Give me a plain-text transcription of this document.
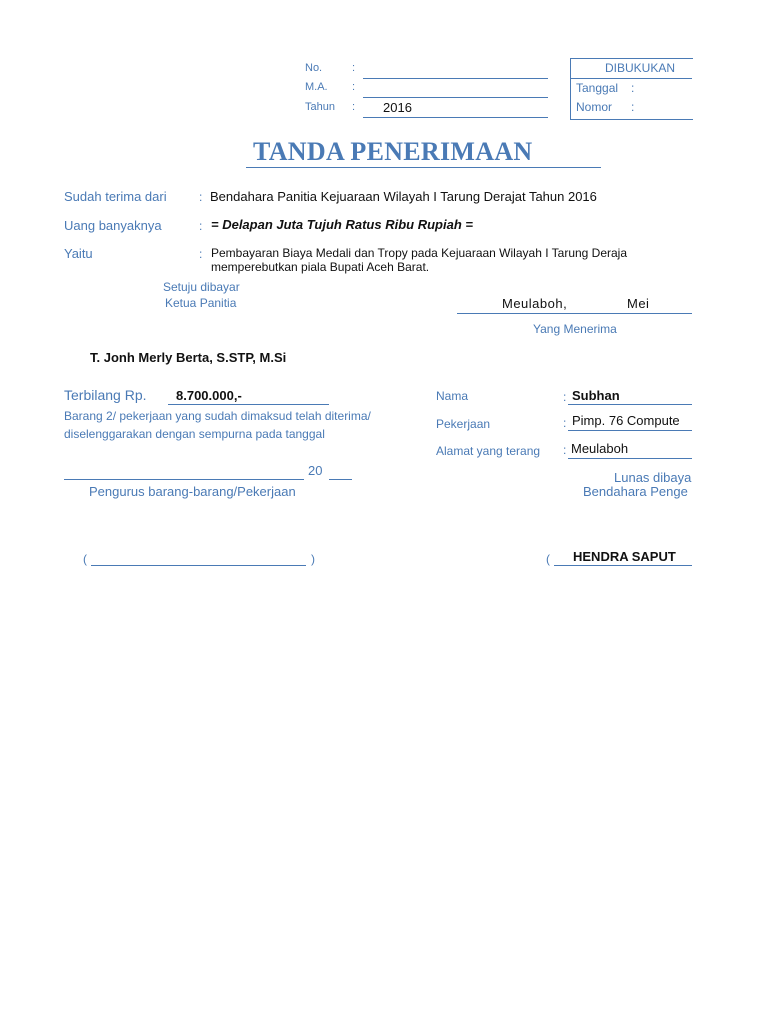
No.	:
M.A. :
Tahun : 2016
DIBUKUKAN
Tanggal :
Nomor :
TANDA PENERIMAAN
Sudah terima dari	: Bendahara Panitia Kejuaraan Wilayah I Tarung Derajat Tahun 2016
Uang banyaknya	: = Delapan Juta Tujuh Ratus Ribu Rupiah =
Yaitu	: Pembayaran Biaya Medali dan Tropy pada Kejuaraan Wilayah I Tarung Deraja
memperebutkan piala Bupati Aceh Barat.
Setuju dibayar
Ketua Panitia	Meulaboh,	Mei
Yang Menerima
T. Jonh Merly Berta, S.STP, M.Si
Terbilang Rp. 8.700.000,-
Barang 2/ pekerjaan yang sudah dimaksud telah diterima/
diselenggarakan dengan sempurna pada tanggal
Nama	: Subhan
Pekerjaan	: Pimp. 76 Compute
Alamat yang terang : Meulaboh
20
Pengurus barang-barang/Pekerjaan
Lunas dibaya
Bendahara Penge
(	)	( HENDRA SAPUT
